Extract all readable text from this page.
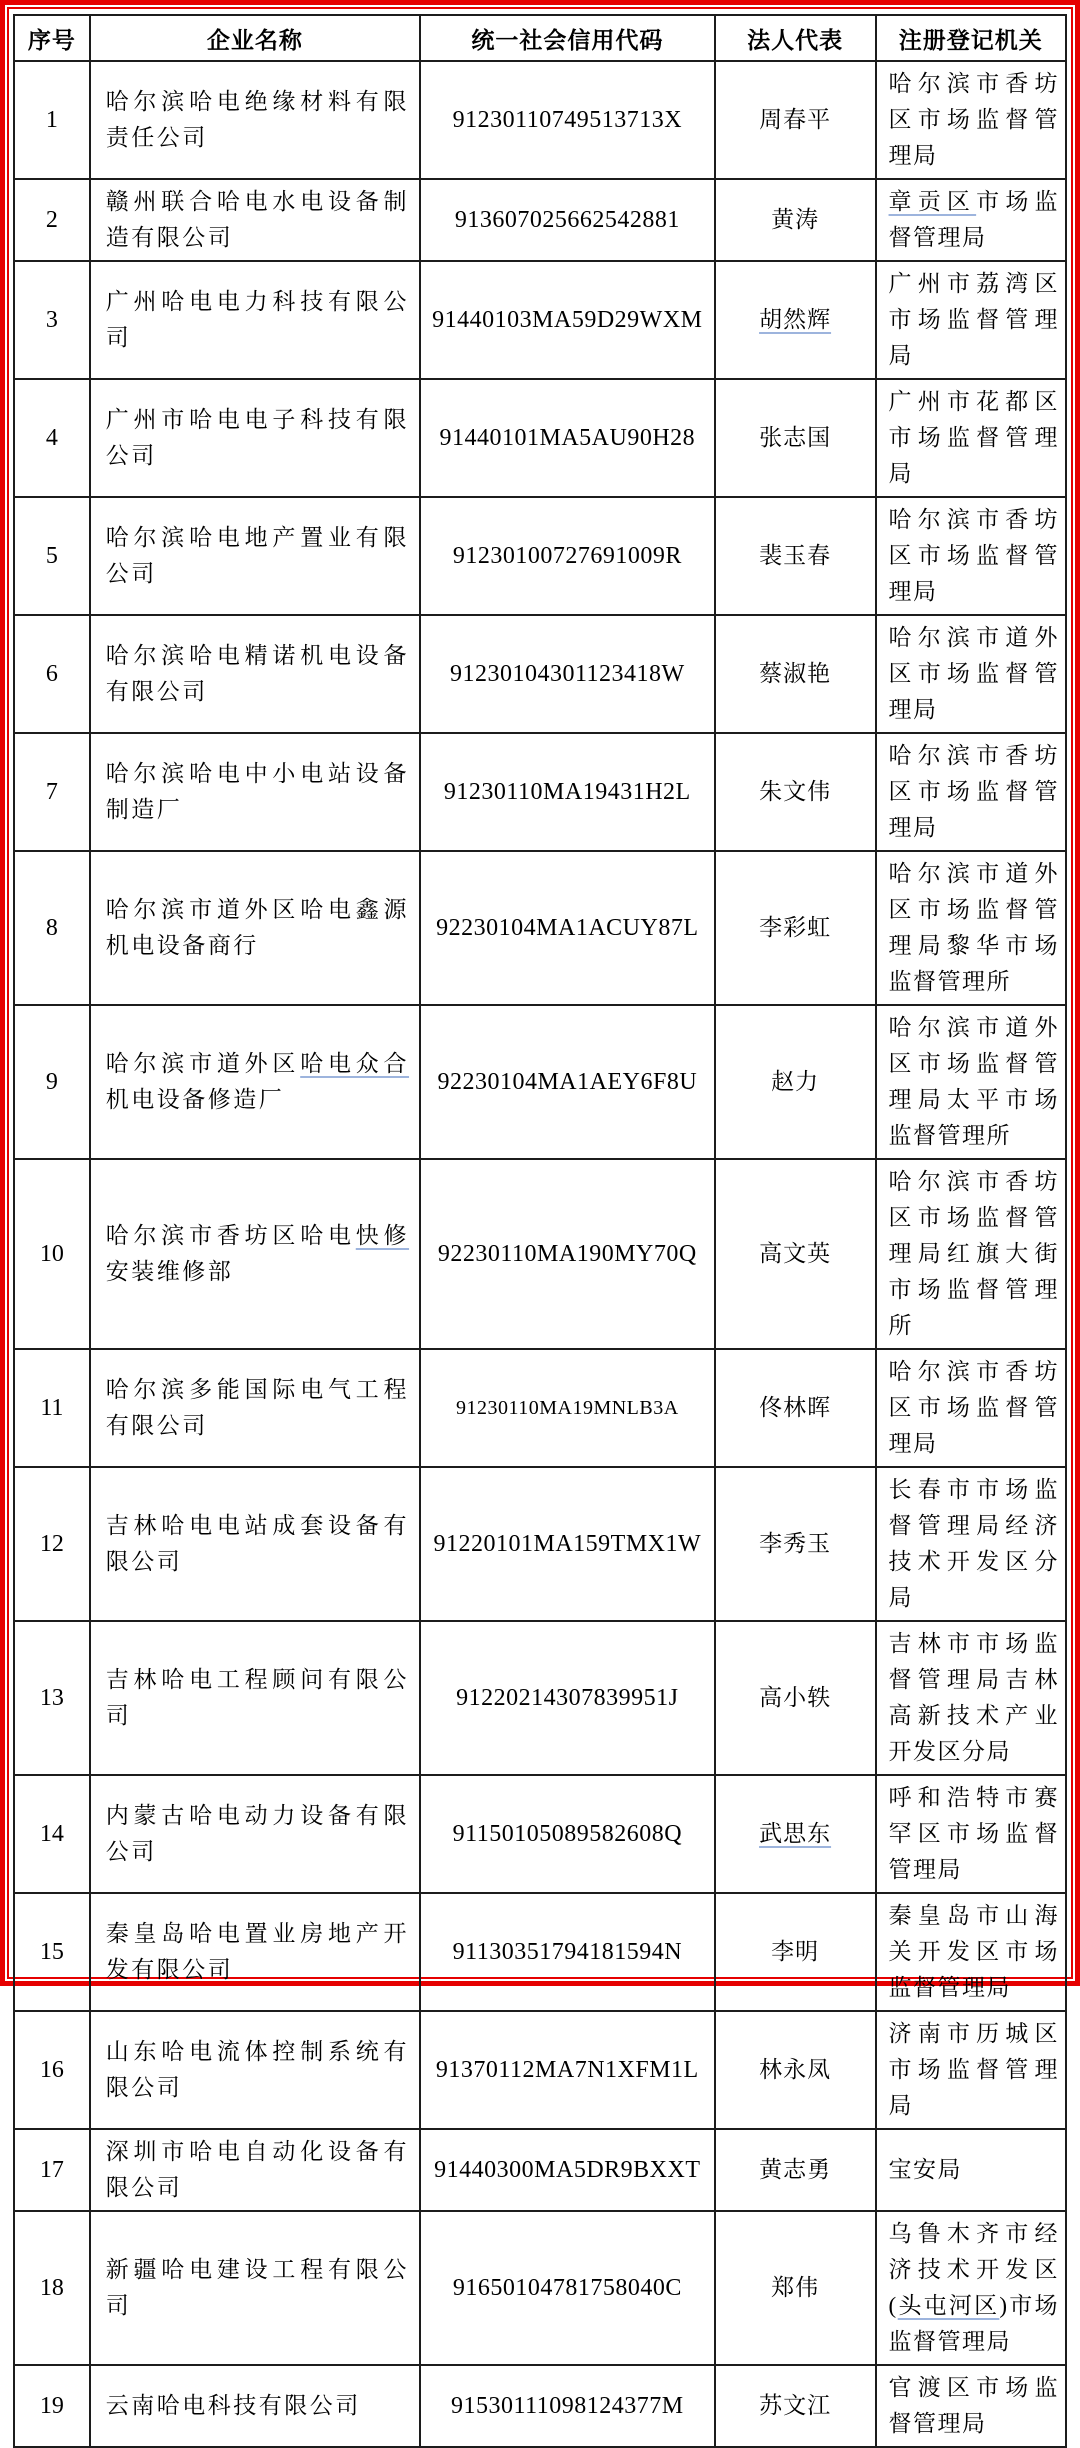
序号	企业名称	统一社会信用代码	法人代表	注册登记机关
1	哈尔滨哈电绝缘材料有限责任公司	91230110749513713X	周春平	哈尔滨市香坊区市场监督管理局
2	赣州联合哈电水电设备制造有限公司	913607025662542881	黄涛	章贡区市场监督管理局
3	广州哈电电力科技有限公司	91440103MA59D29WXM	胡然辉	广州市荔湾区市场监督管理局
4	广州市哈电电子科技有限公司	91440101MA5AU90H28	张志国	广州市花都区市场监督管理局
5	哈尔滨哈电地产置业有限公司	91230100727691009R	裴玉春	哈尔滨市香坊区市场监督管理局
6	哈尔滨哈电精诺机电设备有限公司	91230104301123418W	蔡淑艳	哈尔滨市道外区市场监督管理局
7	哈尔滨哈电中小电站设备制造厂	91230110MA19431H2L	朱文伟	哈尔滨市香坊区市场监督管理局
8	哈尔滨市道外区哈电鑫源机电设备商行	92230104MA1ACUY87L	李彩虹	哈尔滨市道外区市场监督管理局黎华市场监督管理所
9	哈尔滨市道外区哈电众合机电设备修造厂	92230104MA1AEY6F8U	赵力	哈尔滨市道外区市场监督管理局太平市场监督管理所
10	哈尔滨市香坊区哈电快修安装维修部	92230110MA190MY70Q	高文英	哈尔滨市香坊区市场监督管理局红旗大街市场监督管理所
11	哈尔滨多能国际电气工程有限公司	91230110MA19MNLB3A	佟林晖	哈尔滨市香坊区市场监督管理局
12	吉林哈电电站成套设备有限公司	91220101MA159TMX1W	李秀玉	长春市市场监督管理局经济技术开发区分局
13	吉林哈电工程顾问有限公司	91220214307839951J	高小轶	吉林市市场监督管理局吉林高新技术产业开发区分局
14	内蒙古哈电动力设备有限公司	91150105089582608Q	武思东	呼和浩特市赛罕区市场监督管理局
15	秦皇岛哈电置业房地产开发有限公司	91130351794181594N	李明	秦皇岛市山海关开发区市场监督管理局
16	山东哈电流体控制系统有限公司	91370112MA7N1XFM1L	林永凤	济南市历城区市场监督管理局
17	深圳市哈电自动化设备有限公司	91440300MA5DR9BXXT	黄志勇	宝安局
18	新疆哈电建设工程有限公司	91650104781758040C	郑伟	乌鲁木齐市经济技术开发区(头屯河区)市场监督管理局
19	云南哈电科技有限公司	91530111098124377M	苏文江	官渡区市场监督管理局
